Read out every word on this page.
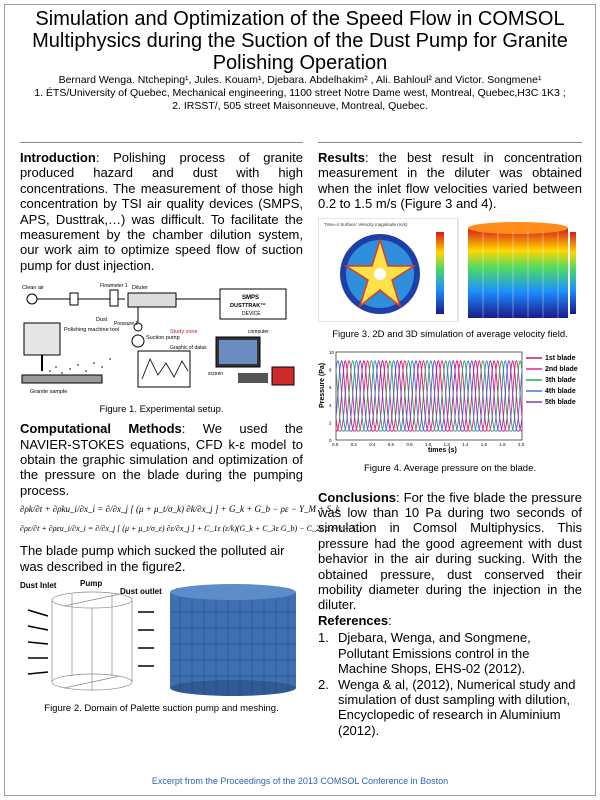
Simulation and Optimization of the Speed Flow in COMSOL
Multiphysics during the Suction of the Dust Pump for Granite
Polishing Operation

Bernard Wenga. Ntcheping¹, Jules. Kouam¹, Djebara. Abdelhakim² , Ali. Bahloul² and Victor. Songmene¹

1. ÉTS/University of Quebec, Mechanical engineering, 1100 street Notre Dame west, Montreal, Quebec,H3C 1K3 ;

2. IRSST/, 505 street Maisonneuve, Montreal, Quebec.

Introduction: Polishing process of granite produced hazard and dust with high concentrations. The measurement of those high concentration by TSI air quality devices (SMPS, APS, Dusttrak,…) was difficult. To facilitate the measurement by the chamber dilution system, our work aim to optimize speed flow of suction pump for dust injection.

Clean air	Flowmeter 1 Diluter
SMPS
DUSTTRAK™
DEVICE
Pressure 1
Suction pump
Study zone
Polishing machine tool
Dust
Granite sample
Graphic of datas
computer
screen

Figure 1. Experimental setup.

Computational Methods: We used the NAVIER-STOKES equations, CFD k-ε model to obtain the graphic simulation and optimization of the pressure on the blade during the pumping process.

∂ρk/∂t + ∂ρku_i/∂x_i = ∂/∂x_j [ (μ + μ_t/σ_k) ∂k/∂x_j ] + G_k + G_b − ρε − Y_M + S_k
∂ρε/∂t + ∂ρεu_i/∂x_i = ∂/∂x_j [ (μ + μ_t/σ_ε) ∂ε/∂x_j ] + C_1ε (ε/k)(G_k + C_3ε G_b) − C_2ε ρ ε²/k + S_ε

The blade pump which sucked the polluted air was described in the figure2.

Dust Inlet	Pump
Dust outlet

Figure 2. Domain of Palette suction pump and meshing.

Results: the best result in concentration measurement in the diluter was obtained when the inlet flow velocities varied between 0.2 to 1.5 m/s (Figure 3 and 4).

Time=4 Surface: Velocity magnitude (m/s)

Figure 3. 2D and 3D simulation of average velocity field.

Pressure (Pa)
times (s)
0.0	0.2	0.4	0.6	0.8	1.0	1.2	1.4	1.6	1.8	2.0
0
2
4
6
8
10
1st blade
2nd blade
3th blade
4th blade
5th blade

Figure 4. Average pressure on the blade.

Conclusions: For the five blade the pressure was low than 10 Pa during two seconds of simulation in Comsol Multiphysics. This pressure had the good agreement with dust behavior in the air during sucking. With the obtained pressure, dust conserved their mobility diameter during the injection in the diluter.

References:

1. Djebara, Wenga, and Songmene, Pollutant Emissions control in the Machine Shops, EHS-02 (2012).
2. Wenga & al, (2012), Numerical study and simulation of dust sampling with dilution, Encyclopedic of research in Aluminium (2012).
Excerpt from the Proceedings of the 2013 COMSOL Conference in Boston
